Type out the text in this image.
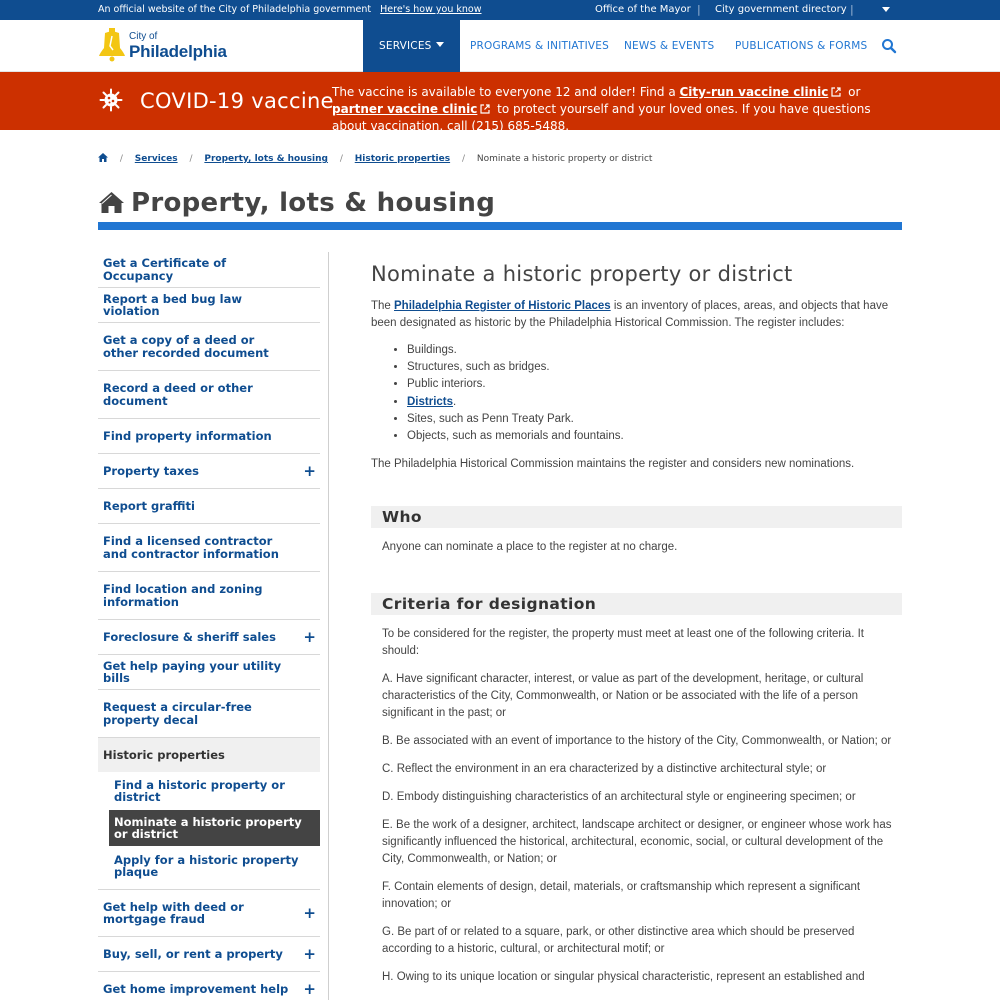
An official website of the City of Philadelphia government Here's how you know	Office of the Mayor | City government directory |
City of
Philadelphia	SERVICES	PROGRAMS & INITIATIVES NEWS & EVENTS PUBLICATIONS & FORMS
COVID-19 vaccine
The vaccine is available to everyone 12 and older! Find a City-run vaccine clinic or partner vaccine clinic to protect yourself and your loved ones. If you have questions about vaccination, call (215) 685-5488.
/ Services / Property, lots & housing / Historic properties / Nominate a historic property or district
Property, lots & housing
Get a Certificate of Occupancy
Report a bed bug law violation
Get a copy of a deed or other recorded document
Record a deed or other document
Find property information
Property taxes	+
Report graffiti
Find a licensed contractor and contractor information
Find location and zoning information
Foreclosure & sheriff sales +
Get help paying your utility bills
Request a circular-free property decal
Historic properties
Find a historic property or district
Nominate a historic property or district
Apply for a historic property plaque
Get help with deed or mortgage fraud	+
Buy, sell, or rent a property +
Get home improvement help +
Nominate a historic property or district

The Philadelphia Register of Historic Places is an inventory of places, areas, and objects that have been designated as historic by the Philadelphia Historical Commission. The register includes:

• Buildings.
• Structures, such as bridges.
• Public interiors.
• Districts.
• Sites, such as Penn Treaty Park.
• Objects, such as memorials and fountains.

The Philadelphia Historical Commission maintains the register and considers new nominations.

Who

Anyone can nominate a place to the register at no charge.

Criteria for designation

To be considered for the register, the property must meet at least one of the following criteria. It should:

A. Have significant character, interest, or value as part of the development, heritage, or cultural characteristics of the City, Commonwealth, or Nation or be associated with the life of a person significant in the past; or

B. Be associated with an event of importance to the history of the City, Commonwealth, or Nation; or

C. Reflect the environment in an era characterized by a distinctive architectural style; or

D. Embody distinguishing characteristics of an architectural style or engineering specimen; or

E. Be the work of a designer, architect, landscape architect or designer, or engineer whose work has significantly influenced the historical, architectural, economic, social, or cultural development of the City, Commonwealth, or Nation; or

F. Contain elements of design, detail, materials, or craftsmanship which represent a significant innovation; or

G. Be part of or related to a square, park, or other distinctive area which should be preserved according to a historic, cultural, or architectural motif; or

H. Owing to its unique location or singular physical characteristic, represent an established and
